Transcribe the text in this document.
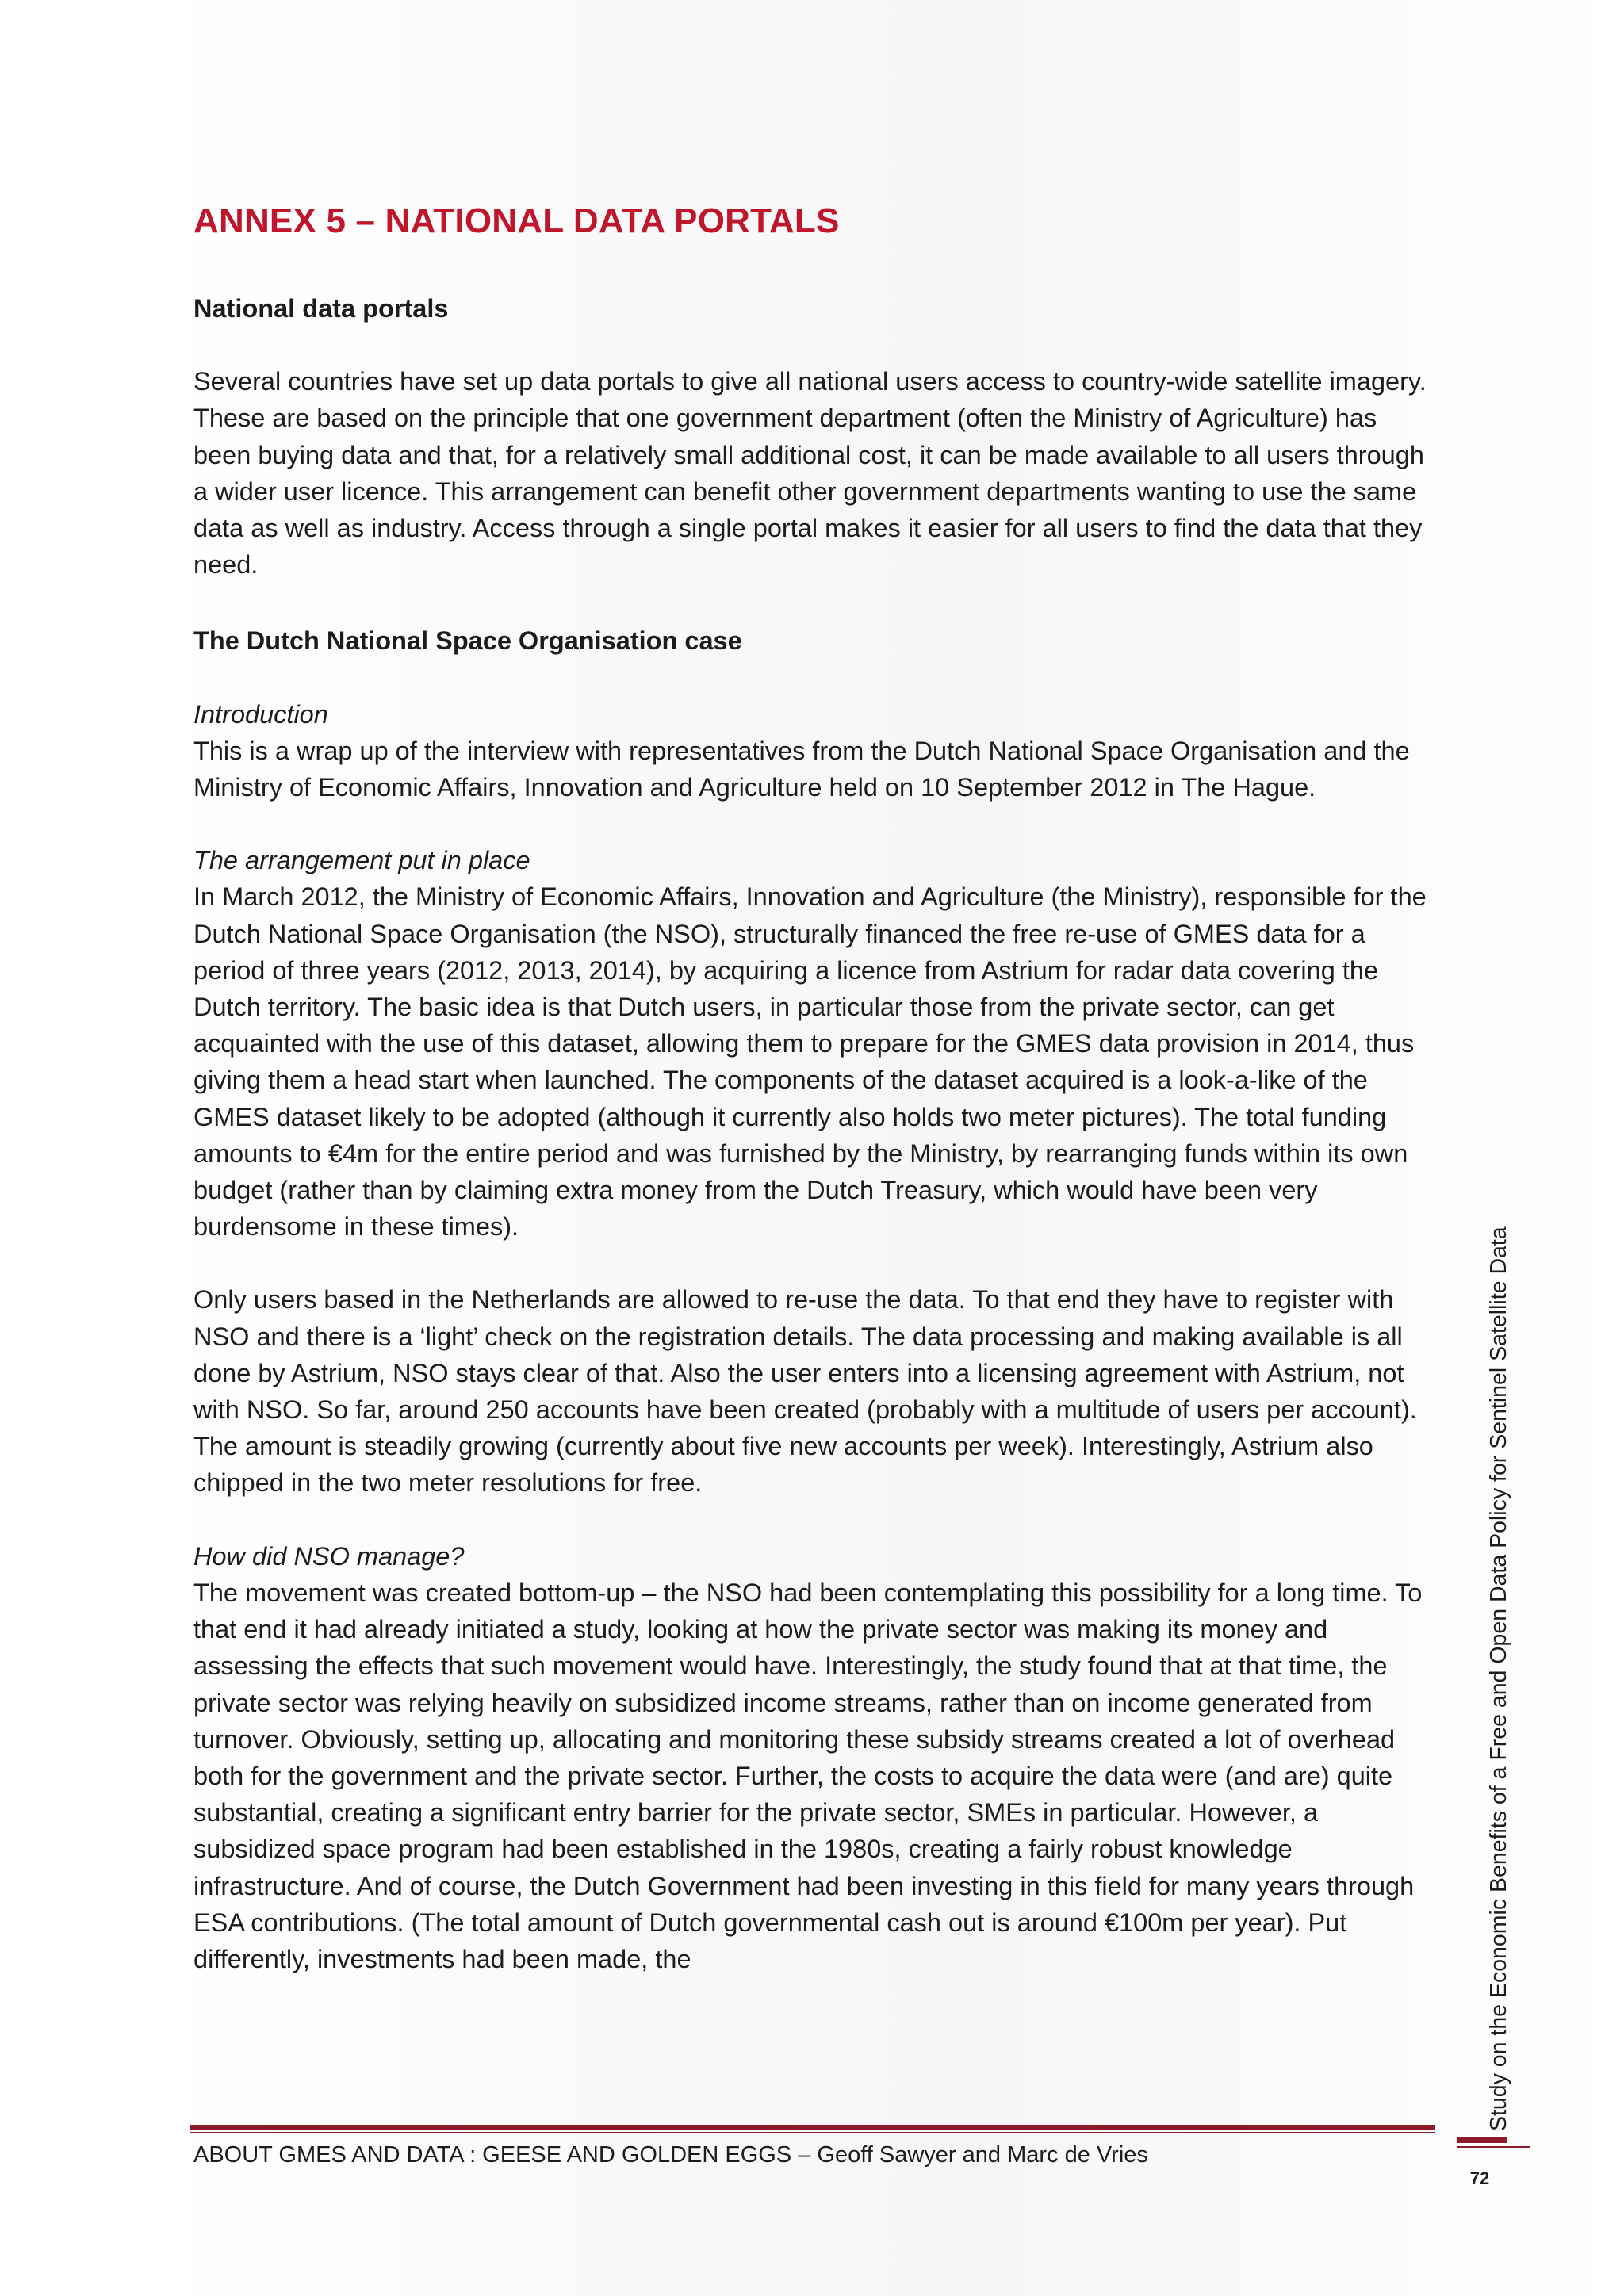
ANNEX 5 – NATIONAL DATA PORTALS

National data portals

Several countries have set up data portals to give all national users access to country-wide satellite imagery. These are based on the principle that one government department (often the Ministry of Agriculture) has been buying data and that, for a relatively small additional cost, it can be made available to all users through a wider user licence. This arrangement can benefit other government departments wanting to use the same data as well as industry. Access through a single portal makes it easier for all users to find the data that they need.

The Dutch National Space Organisation case

Introduction

This is a wrap up of the interview with representatives from the Dutch National Space Organisation and the Ministry of Economic Affairs, Innovation and Agriculture held on 10 September 2012 in The Hague.

The arrangement put in place

In March 2012, the Ministry of Economic Affairs, Innovation and Agriculture (the Ministry), responsible for the Dutch National Space Organisation (the NSO), structurally financed the free re-use of GMES data for a period of three years (2012, 2013, 2014), by acquiring a licence from Astrium for radar data covering the Dutch territory. The basic idea is that Dutch users, in particular those from the private sector, can get acquainted with the use of this dataset, allowing them to prepare for the GMES data provision in 2014, thus giving them a head start when launched. The components of the dataset acquired is a look-a-like of the GMES dataset likely to be adopted (although it currently also holds two meter pictures). The total funding amounts to €4m for the entire period and was furnished by the Ministry, by rearranging funds within its own budget (rather than by claiming extra money from the Dutch Treasury, which would have been very burdensome in these times).

Only users based in the Netherlands are allowed to re-use the data. To that end they have to register with NSO and there is a ‘light’ check on the registration details. The data processing and making available is all done by Astrium, NSO stays clear of that. Also the user enters into a licensing agreement with Astrium, not with NSO. So far, around 250 accounts have been created (probably with a multitude of users per account). The amount is steadily growing (currently about five new accounts per week). Interestingly, Astrium also chipped in the two meter resolutions for free.

How did NSO manage?

The movement was created bottom-up – the NSO had been contemplating this possibility for a long time. To that end it had already initiated a study, looking at how the private sector was making its money and assessing the effects that such movement would have. Interestingly, the study found that at that time, the private sector was relying heavily on subsidized income streams, rather than on income generated from turnover. Obviously, setting up, allocating and monitoring these subsidy streams created a lot of overhead both for the government and the private sector. Further, the costs to acquire the data were (and are) quite substantial, creating a significant entry barrier for the private sector, SMEs in particular. However, a subsidized space program had been established in the 1980s, creating a fairly robust knowledge infrastructure. And of course, the Dutch Government had been investing in this field for many years through ESA contributions. (The total amount of Dutch governmental cash out is around €100m per year). Put differently, investments had been made, the

ABOUT GMES AND DATA : GEESE AND GOLDEN EGGS – Geoff Sawyer and Marc de Vries
Study on the Economic Benefits of a Free and Open Data Policy for Sentinel Satellite Data
72
